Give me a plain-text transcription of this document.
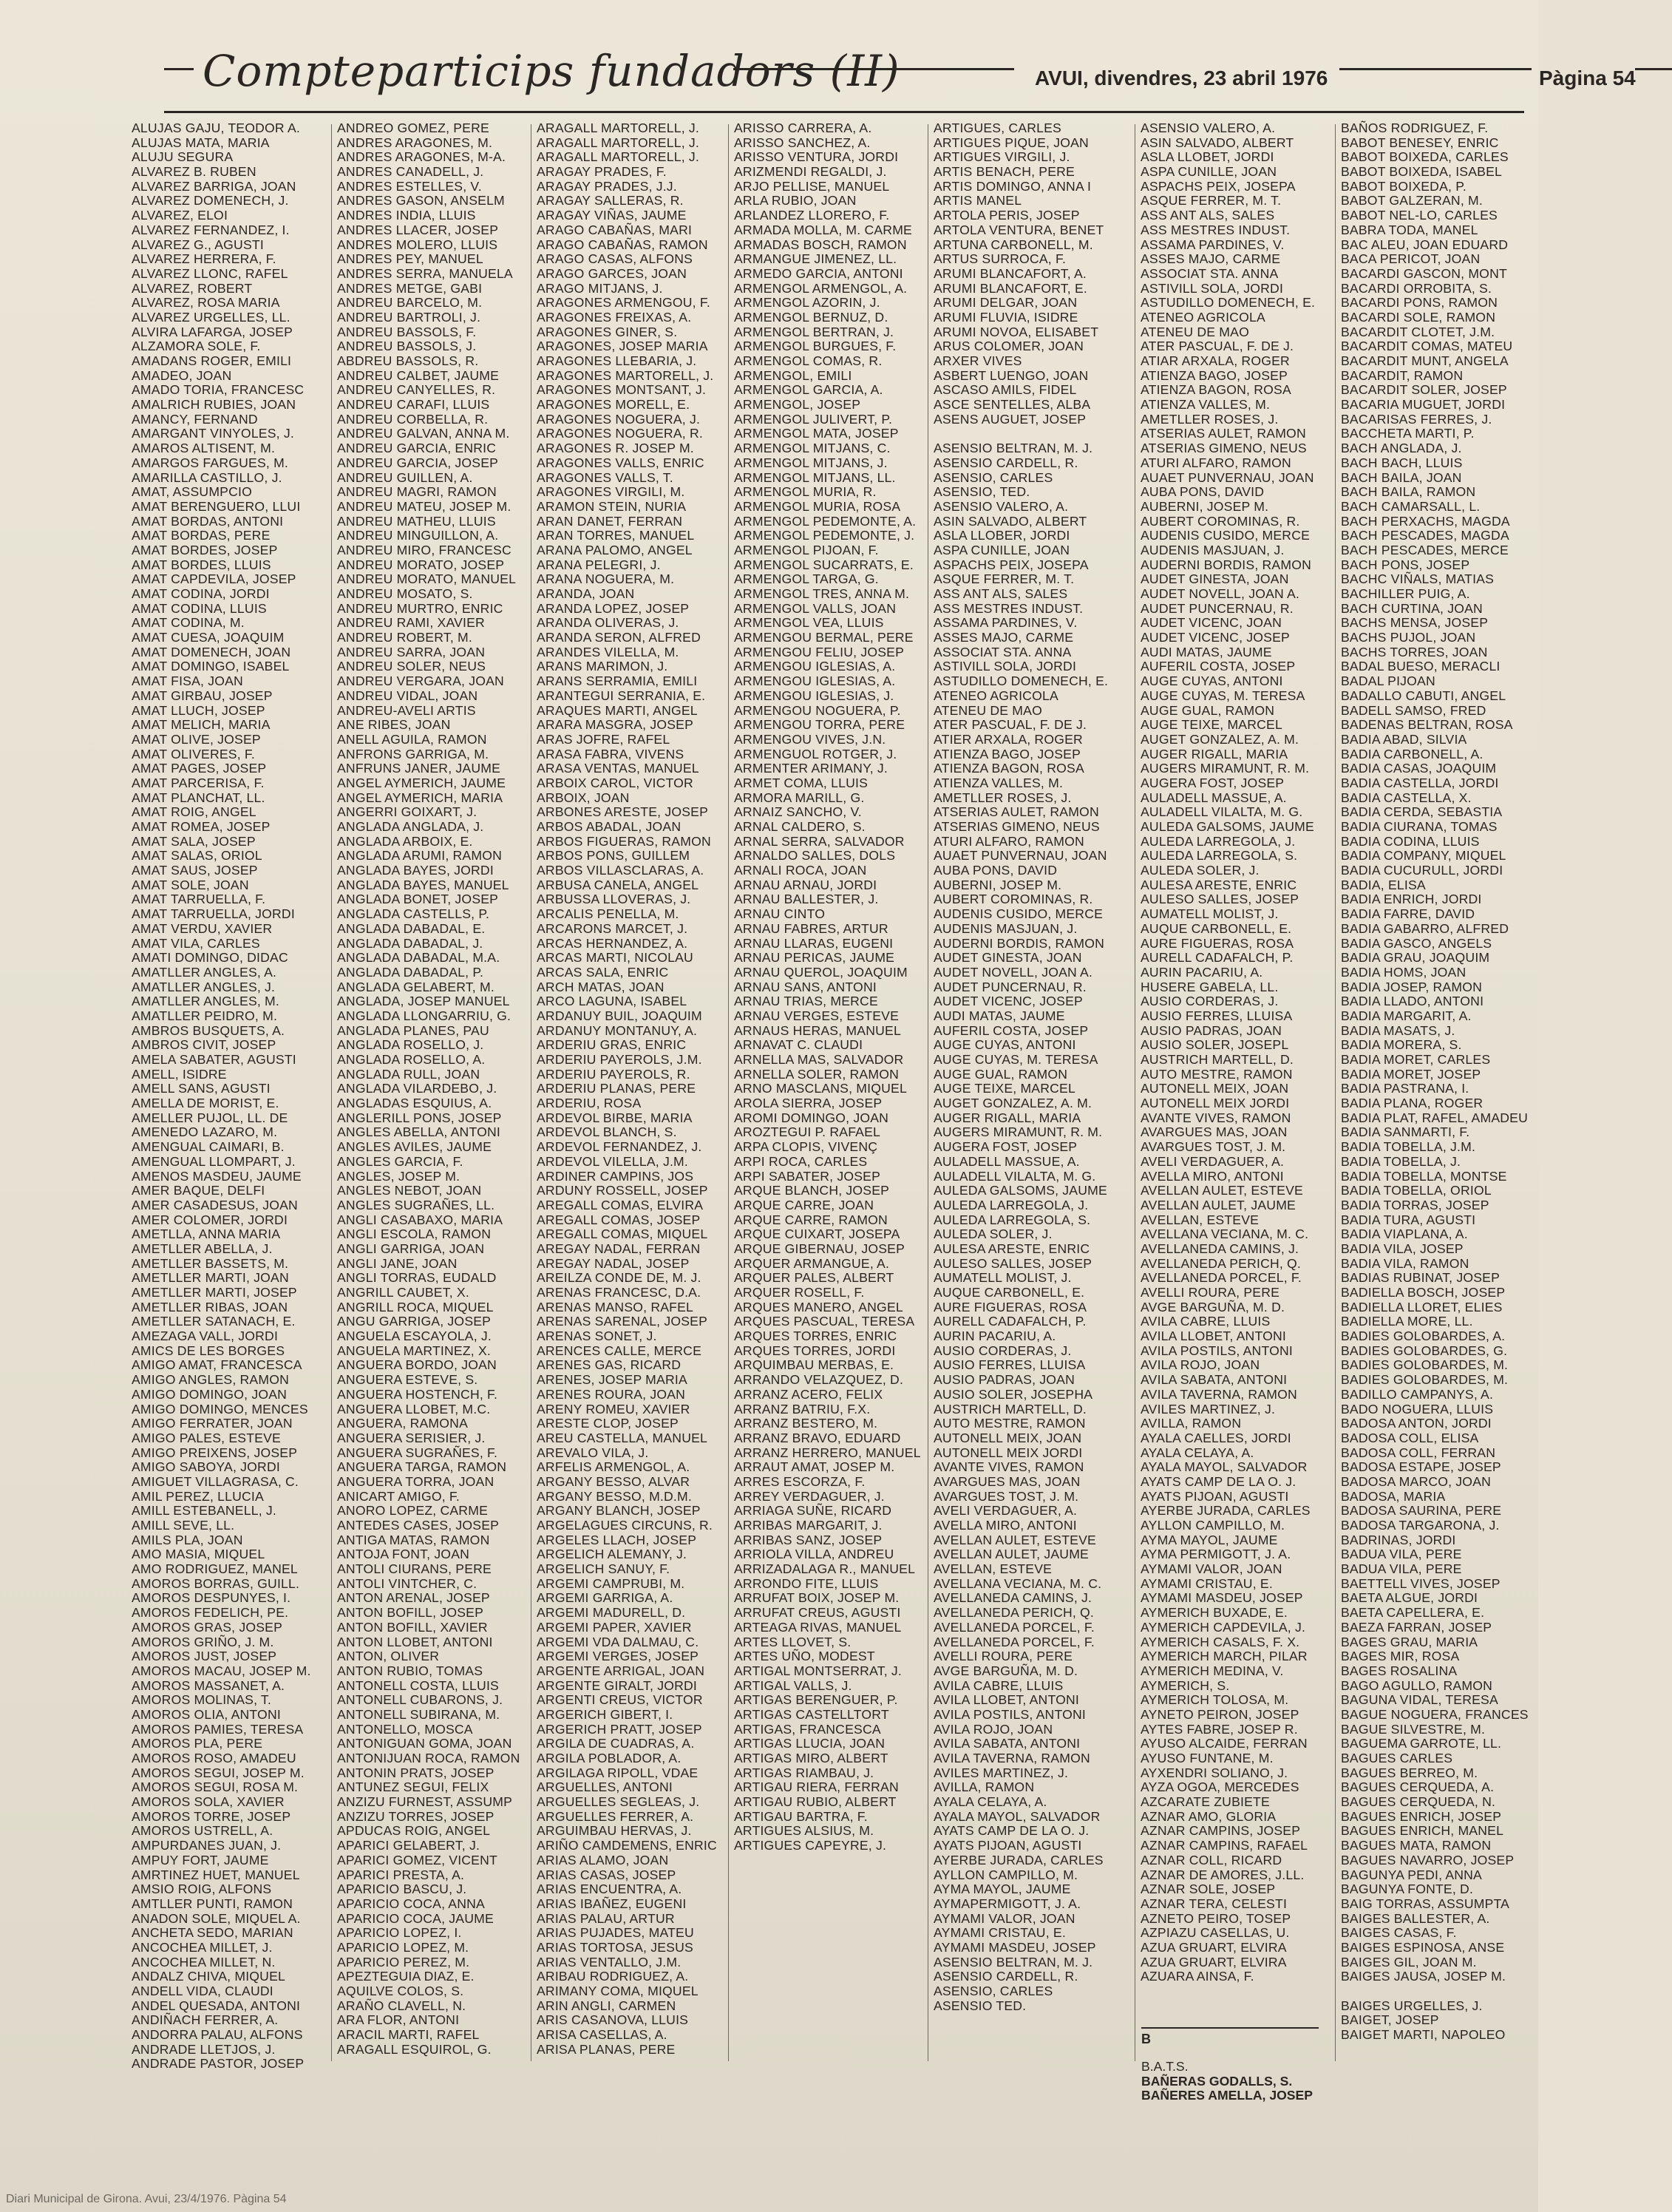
Compteparticips fundadors (II)	AVUI, divendres, 23 abril 1976	Pàgina 54
ALUJAS GAJU, TEODOR A.
ALUJAS MATA, MARIA
ALUJU SEGURA
ALVAREZ B. RUBEN
ALVAREZ BARRIGA, JOAN
ALVAREZ DOMENECH, J.
ALVAREZ, ELOI
ALVAREZ FERNANDEZ, I.
ALVAREZ G., AGUSTI
ALVAREZ HERRERA, F.
ALVAREZ LLONC, RAFEL
ALVAREZ, ROBERT
ALVAREZ, ROSA MARIA
ALVAREZ URGELLES, LL.
ALVIRA LAFARGA, JOSEP
ALZAMORA SOLE, F.
AMADANS ROGER, EMILI
AMADEO, JOAN
AMADO TORIA, FRANCESC
AMALRICH RUBIES, JOAN
AMANCY, FERNAND
AMARGANT VINYOLES, J.
AMAROS ALTISENT, M.
AMARGOS FARGUES, M.
AMARILLA CASTILLO, J.
AMAT, ASSUMPCIO
AMAT BERENGUERO, LLUI
AMAT BORDAS, ANTONI
AMAT BORDAS, PERE
AMAT BORDES, JOSEP
AMAT BORDES, LLUIS
AMAT CAPDEVILA, JOSEP
AMAT CODINA, JORDI
AMAT CODINA, LLUIS
AMAT CODINA, M.
AMAT CUESA, JOAQUIM
AMAT DOMENECH, JOAN
AMAT DOMINGO, ISABEL
AMAT FISA, JOAN
AMAT GIRBAU, JOSEP
AMAT LLUCH, JOSEP
AMAT MELICH, MARIA
AMAT OLIVE, JOSEP
AMAT OLIVERES, F.
AMAT PAGES, JOSEP
AMAT PARCERISA, F.
AMAT PLANCHAT, LL.
AMAT ROIG, ANGEL
AMAT ROMEA, JOSEP
AMAT SALA, JOSEP
AMAT SALAS, ORIOL
AMAT SAUS, JOSEP
AMAT SOLE, JOAN
AMAT TARRUELLA, F.
AMAT TARRUELLA, JORDI
AMAT VERDU, XAVIER
AMAT VILA, CARLES
AMATI DOMINGO, DIDAC
AMATLLER ANGLES, A.
AMATLLER ANGLES, J.
AMATLLER ANGLES, M.
AMATLLER PEIDRO, M.
AMBROS BUSQUETS, A.
AMBROS CIVIT, JOSEP
AMELA SABATER, AGUSTI
AMELL, ISIDRE
AMELL SANS, AGUSTI
AMELLA DE MORIST, E.
AMELLER PUJOL, LL. DE
AMENEDO LAZARO, M.
AMENGUAL CAIMARI, B.
AMENGUAL LLOMPART, J.
AMENOS MASDEU, JAUME
AMER BAQUE, DELFI
AMER CASADESUS, JOAN
AMER COLOMER, JORDI
AMETLLA, ANNA MARIA
AMETLLER ABELLA, J.
AMETLLER BASSETS, M.
AMETLLER MARTI, JOAN
AMETLLER MARTI, JOSEP
AMETLLER RIBAS, JOAN
AMETLLER SATANACH, E.
AMEZAGA VALL, JORDI
AMICS DE LES BORGES
AMIGO AMAT, FRANCESCA
AMIGO ANGLES, RAMON
AMIGO DOMINGO, JOAN
AMIGO DOMINGO, MENCES
AMIGO FERRATER, JOAN
AMIGO PALES, ESTEVE
AMIGO PREIXENS, JOSEP
AMIGO SABOYA, JORDI
AMIGUET VILLAGRASA, C.
AMIL PEREZ, LLUCIA
AMILL ESTEBANELL, J.
AMILL SEVE, LL.
AMILS PLA, JOAN
AMO MASIA, MIQUEL
AMO RODRIGUEZ, MANEL
AMOROS BORRAS, GUILL.
AMOROS DESPUNYES, I.
AMOROS FEDELICH, PE.
AMOROS GRAS, JOSEP
AMOROS GRIÑO, J. M.
AMOROS JUST, JOSEP
AMOROS MACAU, JOSEP M.
AMOROS MASSANET, A.
AMOROS MOLINAS, T.
AMOROS OLIA, ANTONI
AMOROS PAMIES, TERESA
AMOROS PLA, PERE
AMOROS ROSO, AMADEU
AMOROS SEGUI, JOSEP M.
AMOROS SEGUI, ROSA M.
AMOROS SOLA, XAVIER
AMOROS TORRE, JOSEP
AMOROS USTRELL, A.
AMPURDANES JUAN, J.
AMPUY FORT, JAUME
AMRTINEZ HUET, MANUEL
AMSIO ROIG, ALFONS
AMTLLER PUNTI, RAMON
ANADON SOLE, MIQUEL A.
ANCHETA SEDO, MARIAN
ANCOCHEA MILLET, J.
ANCOCHEA MILLET, N.
ANDALZ CHIVA, MIQUEL
ANDELL VIDA, CLAUDI
ANDEL QUESADA, ANTONI
ANDIÑACH FERRER, A.
ANDORRA PALAU, ALFONS
ANDRADE LLETJOS, J.
ANDRADE PASTOR, JOSEP
ANDREO GOMEZ, PERE
ANDRES ARAGONES, M.
ANDRES ARAGONES, M-A.
ANDRES CANADELL, J.
ANDRES ESTELLES, V.
ANDRES GASON, ANSELM
ANDRES INDIA, LLUIS
ANDRES LLACER, JOSEP
ANDRES MOLERO, LLUIS
ANDRES PEY, MANUEL
ANDRES SERRA, MANUELA
ANDRES METGE, GABI
ANDREU BARCELO, M.
ANDREU BARTROLI, J.
ANDREU BASSOLS, F.
ANDREU BASSOLS, J.
ABDREU BASSOLS, R.
ANDREU CALBET, JAUME
ANDREU CANYELLES, R.
ANDREU CARAFI, LLUIS
ANDREU CORBELLA, R.
ANDREU GALVAN, ANNA M.
ANDREU GARCIA, ENRIC
ANDREU GARCIA, JOSEP
ANDREU GUILLEN, A.
ANDREU MAGRI, RAMON
ANDREU MATEU, JOSEP M.
ANDREU MATHEU, LLUIS
ANDREU MINGUILLON, A.
ANDREU MIRO, FRANCESC
ANDREU MORATO, JOSEP
ANDREU MORATO, MANUEL
ANDREU MOSATO, S.
ANDREU MURTRO, ENRIC
ANDREU RAMI, XAVIER
ANDREU ROBERT, M.
ANDREU SARRA, JOAN
ANDREU SOLER, NEUS
ANDREU VERGARA, JOAN
ANDREU VIDAL, JOAN
ANDREU-AVELI ARTIS
ANE RIBES, JOAN
ANELL AGUILA, RAMON
ANFRONS GARRIGA, M.
ANFRUNS JANER, JAUME
ANGEL AYMERICH, JAUME
ANGEL AYMERICH, MARIA
ANGERRI GOIXART, J.
ANGLADA ANGLADA, J.
ANGLADA ARBOIX, E.
ANGLADA ARUMI, RAMON
ANGLADA BAYES, JORDI
ANGLADA BAYES, MANUEL
ANGLADA BONET, JOSEP
ANGLADA CASTELLS, P.
ANGLADA DABADAL, E.
ANGLADA DABADAL, J.
ANGLADA DABADAL, M.A.
ANGLADA DABADAL, P.
ANGLADA GELABERT, M.
ANGLADA, JOSEP MANUEL
ANGLADA LLONGARRIU, G.
ANGLADA PLANES, PAU
ANGLADA ROSELLO, J.
ANGLADA ROSELLO, A.
ANGLADA RULL, JOAN
ANGLADA VILARDEBO, J.
ANGLADAS ESQUIUS, A.
ANGLERILL PONS, JOSEP
ANGLES ABELLA, ANTONI
ANGLES AVILES, JAUME
ANGLES GARCIA, F.
ANGLES, JOSEP M.
ANGLES NEBOT, JOAN
ANGLES SUGRAÑES, LL.
ANGLI CASABAXO, MARIA
ANGLI ESCOLA, RAMON
ANGLI GARRIGA, JOAN
ANGLI JANE, JOAN
ANGLI TORRAS, EUDALD
ANGRILL CAUBET, X.
ANGRILL ROCA, MIQUEL
ANGU GARRIGA, JOSEP
ANGUELA ESCAYOLA, J.
ANGUELA MARTINEZ, X.
ANGUERA BORDO, JOAN
ANGUERA ESTEVE, S.
ANGUERA HOSTENCH, F.
ANGUERA LLOBET, M.C.
ANGUERA, RAMONA
ANGUERA SERISIER, J.
ANGUERA SUGRAÑES, F.
ANGUERA TARGA, RAMON
ANGUERA TORRA, JOAN
ANICART AMIGO, F.
ANORO LOPEZ, CARME
ANTEDES CASES, JOSEP
ANTIGA MATAS, RAMON
ANTOJA FONT, JOAN
ANTOLI CIURANS, PERE
ANTOLI VINTCHER, C.
ANTON ARENAL, JOSEP
ANTON BOFILL, JOSEP
ANTON BOFILL, XAVIER
ANTON LLOBET, ANTONI
ANTON, OLIVER
ANTON RUBIO, TOMAS
ANTONELL COSTA, LLUIS
ANTONELL CUBARONS, J.
ANTONELL SUBIRANA, M.
ANTONELLO, MOSCA
ANTONIGUAN GOMA, JOAN
ANTONIJUAN ROCA, RAMON
ANTONIN PRATS, JOSEP
ANTUNEZ SEGUI, FELIX
ANZIZU FURNEST, ASSUMP
ANZIZU TORRES, JOSEP
APDUCAS ROIG, ANGEL
APARICI GELABERT, J.
APARICI GOMEZ, VICENT
APARICI PRESTA, A.
APARICIO BASCU, J.
APARICIO COCA, ANNA
APARICIO COCA, JAUME
APARICIO LOPEZ, I.
APARICIO LOPEZ, M.
APARICIO PEREZ, M.
APEZTEGUIA DIAZ, E.
AQUILVE COLOS, S.
ARAÑO CLAVELL, N.
ARA FLOR, ANTONI
ARACIL MARTI, RAFEL
ARAGALL ESQUIROL, G.
ARAGALL MARTORELL, J.
ARAGALL MARTORELL, J.
ARAGALL MARTORELL, J.
ARAGAY PRADES, F.
ARAGAY PRADES, J.J.
ARAGAY SALLERAS, R.
ARAGAY VIÑAS, JAUME
ARAGO CABAÑAS, MARI
ARAGO CABAÑAS, RAMON
ARAGO CASAS, ALFONS
ARAGO GARCES, JOAN
ARAGO MITJANS, J.
ARAGONES ARMENGOU, F.
ARAGONES FREIXAS, A.
ARAGONES GINER, S.
ARAGONES, JOSEP MARIA
ARAGONES LLEBARIA, J.
ARAGONES MARTORELL, J.
ARAGONES MONTSANT, J.
ARAGONES MORELL, E.
ARAGONES NOGUERA, J.
ARAGONES NOGUERA, R.
ARAGONES R. JOSEP M.
ARAGONES VALLS, ENRIC
ARAGONES VALLS, T.
ARAGONES VIRGILI, M.
ARAMON STEIN, NURIA
ARAN DANET, FERRAN
ARAN TORRES, MANUEL
ARANA PALOMO, ANGEL
ARANA PELEGRI, J.
ARANA NOGUERA, M.
ARANDA, JOAN
ARANDA LOPEZ, JOSEP
ARANDA OLIVERAS, J.
ARANDA SERON, ALFRED
ARANDES VILELLA, M.
ARANS MARIMON, J.
ARANS SERRAMIA, EMILI
ARANTEGUI SERRANIA, E.
ARAQUES MARTI, ANGEL
ARARA MASGRA, JOSEP
ARAS JOFRE, RAFEL
ARASA FABRA, VIVENS
ARASA VENTAS, MANUEL
ARBOIX CAROL, VICTOR
ARBOIX, JOAN
ARBONES ARESTE, JOSEP
ARBOS ABADAL, JOAN
ARBOS FIGUERAS, RAMON
ARBOS PONS, GUILLEM
ARBOS VILLASCLARAS, A.
ARBUSA CANELA, ANGEL
ARBUSSA LLOVERAS, J.
ARCALIS PENELLA, M.
ARCARONS MARCET, J.
ARCAS HERNANDEZ, A.
ARCAS MARTI, NICOLAU
ARCAS SALA, ENRIC
ARCH MATAS, JOAN
ARCO LAGUNA, ISABEL
ARDANUY BUIL, JOAQUIM
ARDANUY MONTANUY, A.
ARDERIU GRAS, ENRIC
ARDERIU PAYEROLS, J.M.
ARDERIU PAYEROLS, R.
ARDERIU PLANAS, PERE
ARDERIU, ROSA
ARDEVOL BIRBE, MARIA
ARDEVOL BLANCH, S.
ARDEVOL FERNANDEZ, J.
ARDEVOL VILELLA, J.M.
ARDINER CAMPINS, JOS
ARDUNY ROSSELL, JOSEP
AREGALL COMAS, ELVIRA
AREGALL COMAS, JOSEP
AREGALL COMAS, MIQUEL
AREGAY NADAL, FERRAN
AREGAY NADAL, JOSEP
AREILZA CONDE DE, M. J.
ARENAS FRANCESC, D.A.
ARENAS MANSO, RAFEL
ARENAS SARENAL, JOSEP
ARENAS SONET, J.
ARENCES CALLE, MERCE
ARENES GAS, RICARD
ARENES, JOSEP MARIA
ARENES ROURA, JOAN
ARENY ROMEU, XAVIER
ARESTE CLOP, JOSEP
AREU CASTELLA, MANUEL
AREVALO VILA, J.
ARFELIS ARMENGOL, A.
ARGANY BESSO, ALVAR
ARGANY BESSO, M.D.M.
ARGANY BLANCH, JOSEP
ARGELAGUES CIRCUNS, R.
ARGELES LLACH, JOSEP
ARGELICH ALEMANY, J.
ARGELICH SANUY, F.
ARGEMI CAMPRUBI, M.
ARGEMI GARRIGA, A.
ARGEMI MADURELL, D.
ARGEMI PAPER, XAVIER
ARGEMI VDA DALMAU, C.
ARGEMI VERGES, JOSEP
ARGENTE ARRIGAL, JOAN
ARGENTE GIRALT, JORDI
ARGENTI CREUS, VICTOR
ARGERICH GIBERT, I.
ARGERICH PRATT, JOSEP
ARGILA DE CUADRAS, A.
ARGILA POBLADOR, A.
ARGILAGA RIPOLL, VDAE
ARGUELLES, ANTONI
ARGUELLES SEGLEAS, J.
ARGUELLES FERRER, A.
ARGUIMBAU HERVAS, J.
ARIÑO CAMDEMENS, ENRIC
ARIAS ALAMO, JOAN
ARIAS CASAS, JOSEP
ARIAS ENCUENTRA, A.
ARIAS IBAÑEZ, EUGENI
ARIAS PALAU, ARTUR
ARIAS PUJADES, MATEU
ARIAS TORTOSA, JESUS
ARIAS VENTALLO, J.M.
ARIBAU RODRIGUEZ, A.
ARIMANY COMA, MIQUEL
ARIN ANGLI, CARMEN
ARIS CASANOVA, LLUIS
ARISA CASELLAS, A.
ARISA PLANAS, PERE
ARISSO CARRERA, A.
ARISSO SANCHEZ, A.
ARISSO VENTURA, JORDI
ARIZMENDI REGALDI, J.
ARJO PELLISE, MANUEL
ARLA RUBIO, JOAN
ARLANDEZ LLORERO, F.
ARMADA MOLLA, M. CARME
ARMADAS BOSCH, RAMON
ARMANGUE JIMENEZ, LL.
ARMEDO GARCIA, ANTONI
ARMENGOL ARMENGOL, A.
ARMENGOL AZORIN, J.
ARMENGOL BERNUZ, D.
ARMENGOL BERTRAN, J.
ARMENGOL BURGUES, F.
ARMENGOL COMAS, R.
ARMENGOL, EMILI
ARMENGOL GARCIA, A.
ARMENGOL, JOSEP
ARMENGOL JULIVERT, P.
ARMENGOL MATA, JOSEP
ARMENGOL MITJANS, C.
ARMENGOL MITJANS, J.
ARMENGOL MITJANS, LL.
ARMENGOL MURIA, R.
ARMENGOL MURIA, ROSA
ARMENGOL PEDEMONTE, A.
ARMENGOL PEDEMONTE, J.
ARMENGOL PIJOAN, F.
ARMENGOL SUCARRATS, E.
ARMENGOL TARGA, G.
ARMENGOL TRES, ANNA M.
ARMENGOL VALLS, JOAN
ARMENGOL VEA, LLUIS
ARMENGOU BERMAL, PERE
ARMENGOU FELIU, JOSEP
ARMENGOU IGLESIAS, A.
ARMENGOU IGLESIAS, A.
ARMENGOU IGLESIAS, J.
ARMENGOU NOGUERA, P.
ARMENGOU TORRA, PERE
ARMENGOU VIVES, J.N.
ARMENGUOL ROTGER, J.
ARMENTER ARIMANY, J.
ARMET COMA, LLUIS
ARMORA MARILL, G.
ARNAIZ SANCHO, V.
ARNAL CALDERO, S.
ARNAL SERRA, SALVADOR
ARNALDO SALLES, DOLS
ARNALI ROCA, JOAN
ARNAU ARNAU, JORDI
ARNAU BALLESTER, J.
ARNAU CINTO
ARNAU FABRES, ARTUR
ARNAU LLARAS, EUGENI
ARNAU PERICAS, JAUME
ARNAU QUEROL, JOAQUIM
ARNAU SANS, ANTONI
ARNAU TRIAS, MERCE
ARNAU VERGES, ESTEVE
ARNAUS HERAS, MANUEL
ARNAVAT C. CLAUDI
ARNELLA MAS, SALVADOR
ARNELLA SOLER, RAMON
ARNO MASCLANS, MIQUEL
AROLA SIERRA, JOSEP
AROMI DOMINGO, JOAN
AROZTEGUI P. RAFAEL
ARPA CLOPIS, VIVENÇ
ARPI ROCA, CARLES
ARPI SABATER, JOSEP
ARQUE BLANCH, JOSEP
ARQUE CARRE, JOAN
ARQUE CARRE, RAMON
ARQUE CUIXART, JOSEPA
ARQUE GIBERNAU, JOSEP
ARQUER ARMANGUE, A.
ARQUER PALES, ALBERT
ARQUER ROSELL, F.
ARQUES MANERO, ANGEL
ARQUES PASCUAL, TERESA
ARQUES TORRES, ENRIC
ARQUES TORRES, JORDI
ARQUIMBAU MERBAS, E.
ARRANDO VELAZQUEZ, D.
ARRANZ ACERO, FELIX
ARRANZ BATRIU, F.X.
ARRANZ BESTERO, M.
ARRANZ BRAVO, EDUARD
ARRANZ HERRERO, MANUEL
ARRAUT AMAT, JOSEP M.
ARRES ESCORZA, F.
ARREY VERDAGUER, J.
ARRIAGA SUÑE, RICARD
ARRIBAS MARGARIT, J.
ARRIBAS SANZ, JOSEP
ARRIOLA VILLA, ANDREU
ARRIZADALAGA R., MANUEL
ARRONDO FITE, LLUIS
ARRUFAT BOIX, JOSEP M.
ARRUFAT CREUS, AGUSTI
ARTEAGA RIVAS, MANUEL
ARTES LLOVET, S.
ARTES UÑO, MODEST
ARTIGAL MONTSERRAT, J.
ARTIGAL VALLS, J.
ARTIGAS BERENGUER, P.
ARTIGAS CASTELLTORT
ARTIGAS, FRANCESCA
ARTIGAS LLUCIA, JOAN
ARTIGAS MIRO, ALBERT
ARTIGAS RIAMBAU, J.
ARTIGAU RIERA, FERRAN
ARTIGAU RUBIO, ALBERT
ARTIGAU BARTRA, F.
ARTIGUES ALSIUS, M.
ARTIGUES CAPEYRE, J.
ARTIGUES, CARLES
ARTIGUES PIQUE, JOAN
ARTIGUES VIRGILI, J.
ARTIS BENACH, PERE
ARTIS DOMINGO, ANNA I
ARTIS MANEL
ARTOLA PERIS, JOSEP
ARTOLA VENTURA, BENET
ARTUNA CARBONELL, M.
ARTUS SURROCA, F.
ARUMI BLANCAFORT, A.
ARUMI BLANCAFORT, E.
ARUMI DELGAR, JOAN
ARUMI FLUVIA, ISIDRE
ARUMI NOVOA, ELISABET
ARUS COLOMER, JOAN
ARXER VIVES
ASBERT LUENGO, JOAN
ASCASO AMILS, FIDEL
ASCE SENTELLES, ALBA
ASENS AUGUET, JOSEP
ASENSIO BELTRAN, M. J.
ASENSIO CARDELL, R.
ASENSIO, CARLES
ASENSIO, TED.
ASENSIO VALERO, A.
ASIN SALVADO, ALBERT
ASLA LLOBER, JORDI
ASPA CUNILLE, JOAN
ASPACHS PEIX, JOSEPA
ASQUE FERRER, M. T.
ASS ANT ALS, SALES
ASS MESTRES INDUST.
ASSAMA PARDINES, V.
ASSES MAJO, CARME
ASSOCIAT STA. ANNA
ASTIVILL SOLA, JORDI
ASTUDILLO DOMENECH, E.
ATENEO AGRICOLA
ATENEU DE MAO
ATER PASCUAL, F. DE J.
ATIER ARXALA, ROGER
ATIENZA BAGO, JOSEP
ATIENZA BAGON, ROSA
ATIENZA VALLES, M.
AMETLLER ROSES, J.
ATSERIAS AULET, RAMON
ATSERIAS GIMENO, NEUS
ATURI ALFARO, RAMON
AUAET PUNVERNAU, JOAN
AUBA PONS, DAVID
AUBERNI, JOSEP M.
AUBERT COROMINAS, R.
AUDENIS CUSIDO, MERCE
AUDENIS MASJUAN, J.
AUDERNI BORDIS, RAMON
AUDET GINESTA, JOAN
AUDET NOVELL, JOAN A.
AUDET PUNCERNAU, R.
AUDET VICENC, JOSEP
AUDI MATAS, JAUME
AUFERIL COSTA, JOSEP
AUGE CUYAS, ANTONI
AUGE CUYAS, M. TERESA
AUGE GUAL, RAMON
AUGE TEIXE, MARCEL
AUGET GONZALEZ, A. M.
AUGER RIGALL, MARIA
AUGERS MIRAMUNT, R. M.
AUGERA FOST, JOSEP
AULADELL MASSUE, A.
AULADELL VILALTA, M. G.
AULEDA GALSOMS, JAUME
AULEDA LARREGOLA, J.
AULEDA LARREGOLA, S.
AULEDA SOLER, J.
AULESA ARESTE, ENRIC
AULESO SALLES, JOSEP
AUMATELL MOLIST, J.
AUQUE CARBONELL, E.
AURE FIGUERAS, ROSA
AURELL CADAFALCH, P.
AURIN PACARIU, A.
AUSIO CORDERAS, J.
AUSIO FERRES, LLUISA
AUSIO PADRAS, JOAN
AUSIO SOLER, JOSEPHA
AUSTRICH MARTELL, D.
AUTO MESTRE, RAMON
AUTONELL MEIX, JOAN
AUTONELL MEIX JORDI
AVANTE VIVES, RAMON
AVARGUES MAS, JOAN
AVARGUES TOST, J. M.
AVELI VERDAGUER, A.
AVELLA MIRO, ANTONI
AVELLAN AULET, ESTEVE
AVELLAN AULET, JAUME
AVELLAN, ESTEVE
AVELLANA VECIANA, M. C.
AVELLANEDA CAMINS, J.
AVELLANEDA PERICH, Q.
AVELLANEDA PORCEL, F.
AVELLANEDA PORCEL, F.
AVELLI ROURA, PERE
AVGE BARGUÑA, M. D.
AVILA CABRE, LLUIS
AVILA LLOBET, ANTONI
AVILA POSTILS, ANTONI
AVILA ROJO, JOAN
AVILA SABATA, ANTONI
AVILA TAVERNA, RAMON
AVILES MARTINEZ, J.
AVILLA, RAMON
AYALA CELAYA, A.
AYALA MAYOL, SALVADOR
AYATS CAMP DE LA O. J.
AYATS PIJOAN, AGUSTI
AYERBE JURADA, CARLES
AYLLON CAMPILLO, M.
AYMA MAYOL, JAUME
AYMAPERMIGOTT, J. A.
AYMAMI VALOR, JOAN
AYMAMI CRISTAU, E.
AYMAMI MASDEU, JOSEP
ASENSIO BELTRAN, M. J.
ASENSIO CARDELL, R.
ASENSIO, CARLES
ASENSIO TED.
ASENSIO VALERO, A.
ASIN SALVADO, ALBERT
ASLA LLOBET, JORDI
ASPA CUNILLE, JOAN
ASPACHS PEIX, JOSEPA
ASQUE FERRER, M. T.
ASS ANT ALS, SALES
ASS MESTRES INDUST.
ASSAMA PARDINES, V.
ASSES MAJO, CARME
ASSOCIAT STA. ANNA
ASTIVILL SOLA, JORDI
ASTUDILLO DOMENECH, E.
ATENEO AGRICOLA
ATENEU DE MAO
ATER PASCUAL, F. DE J.
ATIAR ARXALA, ROGER
ATIENZA BAGO, JOSEP
ATIENZA BAGON, ROSA
ATIENZA VALLES, M.
AMETLLER ROSES, J.
ATSERIAS AULET, RAMON
ATSERIAS GIMENO, NEUS
ATURI ALFARO, RAMON
AUAET PUNVERNAU, JOAN
AUBA PONS, DAVID
AUBERNI, JOSEP M.
AUBERT COROMINAS, R.
AUDENIS CUSIDO, MERCE
AUDENIS MASJUAN, J.
AUDERNI BORDIS, RAMON
AUDET GINESTA, JOAN
AUDET NOVELL, JOAN A.
AUDET PUNCERNAU, R.
AUDET VICENC, JOAN
AUDET VICENC, JOSEP
AUDI MATAS, JAUME
AUFERIL COSTA, JOSEP
AUGE CUYAS, ANTONI
AUGE CUYAS, M. TERESA
AUGE GUAL, RAMON
AUGE TEIXE, MARCEL
AUGET GONZALEZ, A. M.
AUGER RIGALL, MARIA
AUGERS MIRAMUNT, R. M.
AUGERA FOST, JOSEP
AULADELL MASSUE, A.
AULADELL VILALTA, M. G.
AULEDA GALSOMS, JAUME
AULEDA LARREGOLA, J.
AULEDA LARREGOLA, S.
AULEDA SOLER, J.
AULESA ARESTE, ENRIC
AULESO SALLES, JOSEP
AUMATELL MOLIST, J.
AUQUE CARBONELL, E.
AURE FIGUERAS, ROSA
AURELL CADAFALCH, P.
AURIN PACARIU, A.
HUSERE GABELA, LL.
AUSIO CORDERAS, J.
AUSIO FERRES, LLUISA
AUSIO PADRAS, JOAN
AUSIO SOLER, JOSEPL
AUSTRICH MARTELL, D.
AUTO MESTRE, RAMON
AUTONELL MEIX, JOAN
AUTONELL MEIX JORDI
AVANTE VIVES, RAMON
AVARGUES MAS, JOAN
AVARGUES TOST, J. M.
AVELI VERDAGUER, A.
AVELLA MIRO, ANTONI
AVELLAN AULET, ESTEVE
AVELLAN AULET, JAUME
AVELLAN, ESTEVE
AVELLANA VECIANA, M. C.
AVELLANEDA CAMINS, J.
AVELLANEDA PERICH, Q.
AVELLANEDA PORCEL, F.
AVELLI ROURA, PERE
AVGE BARGUÑA, M. D.
AVILA CABRE, LLUIS
AVILA LLOBET, ANTONI
AVILA POSTILS, ANTONI
AVILA ROJO, JOAN
AVILA SABATA, ANTONI
AVILA TAVERNA, RAMON
AVILES MARTINEZ, J.
AVILLA, RAMON
AYALA CAELLES, JORDI
AYALA CELAYA, A.
AYALA MAYOL, SALVADOR
AYATS CAMP DE LA O. J.
AYATS PIJOAN, AGUSTI
AYERBE JURADA, CARLES
AYLLON CAMPILLO, M.
AYMA MAYOL, JAUME
AYMA PERMIGOTT, J. A.
AYMAMI VALOR, JOAN
AYMAMI CRISTAU, E.
AYMAMI MASDEU, JOSEP
AYMERICH BUXADE, E.
AYMERICH CAPDEVILA, J.
AYMERICH CASALS, F. X.
AYMERICH MARCH, PILAR
AYMERICH MEDINA, V.
AYMERICH, S.
AYMERICH TOLOSA, M.
AYNETO PEIRON, JOSEP
AYTES FABRE, JOSEP R.
AYUSO ALCAIDE, FERRAN
AYUSO FUNTANE, M.
AYXENDRI SOLIANO, J.
AYZA OGOA, MERCEDES
AZCARATE ZUBIETE
AZNAR AMO, GLORIA
AZNAR CAMPINS, JOSEP
AZNAR CAMPINS, RAFAEL
AZNAR COLL, RICARD
AZNAR DE AMORES, J.LL.
AZNAR SOLE, JOSEP
AZNAR TERA, CELESTI
AZNETO PEIRO, TOSEP
AZPIAZU CASELLAS, U.
AZUA GRUART, ELVIRA
AZUA GRUART, ELVIRA
AZUARA AINSA, F.
BAÑOS RODRIGUEZ, F.
BABOT BENESEY, ENRIC
BABOT BOIXEDA, CARLES
BABOT BOIXEDA, ISABEL
BABOT BOIXEDA, P.
BABOT GALZERAN, M.
BABOT NEL-LO, CARLES
BABRA TODA, MANEL
BAC ALEU, JOAN EDUARD
BACA PERICOT, JOAN
BACARDI GASCON, MONT
BACARDI ORROBITA, S.
BACARDI PONS, RAMON
BACARDI SOLE, RAMON
BACARDIT CLOTET, J.M.
BACARDIT COMAS, MATEU
BACARDIT MUNT, ANGELA
BACARDIT, RAMON
BACARDIT SOLER, JOSEP
BACARIA MUGUET, JORDI
BACARISAS FERRES, J.
BACCHETA MARTI, P.
BACH ANGLADA, J.
BACH BACH, LLUIS
BACH BAILA, JOAN
BACH BAILA, RAMON
BACH CAMARSALL, L.
BACH PERXACHS, MAGDA
BACH PESCADES, MAGDA
BACH PESCADES, MERCE
BACH PONS, JOSEP
BACHC VIÑALS, MATIAS
BACHILLER PUIG, A.
BACH CURTINA, JOAN
BACHS MENSA, JOSEP
BACHS PUJOL, JOAN
BACHS TORRES, JOAN
BADAL BUESO, MERACLI
BADAL PIJOAN
BADALLO CABUTI, ANGEL
BADELL SAMSO, FRED
BADENAS BELTRAN, ROSA
BADIA ABAD, SILVIA
BADIA CARBONELL, A.
BADIA CASAS, JOAQUIM
BADIA CASTELLA, JORDI
BADIA CASTELLA, X.
BADIA CERDA, SEBASTIA
BADIA CIURANA, TOMAS
BADIA CODINA, LLUIS
BADIA COMPANY, MIQUEL
BADIA CUCURULL, JORDI
BADIA, ELISA
BADIA ENRICH, JORDI
BADIA FARRE, DAVID
BADIA GABARRO, ALFRED
BADIA GASCO, ANGELS
BADIA GRAU, JOAQUIM
BADIA HOMS, JOAN
BADIA JOSEP, RAMON
BADIA LLADO, ANTONI
BADIA MARGARIT, A.
BADIA MASATS, J.
BADIA MORERA, S.
BADIA MORET, CARLES
BADIA MORET, JOSEP
BADIA PASTRANA, I.
BADIA PLANA, ROGER
BADIA PLAT, RAFEL, AMADEU
BADIA SANMARTI, F.
BADIA TOBELLA, J.M.
BADIA TOBELLA, J.
BADIA TOBELLA, MONTSE
BADIA TOBELLA, ORIOL
BADIA TORRAS, JOSEP
BADIA TURA, AGUSTI
BADIA VIAPLANA, A.
BADIA VILA, JOSEP
BADIA VILA, RAMON
BADIAS RUBINAT, JOSEP
BADIELLA BOSCH, JOSEP
BADIELLA LLORET, ELIES
BADIELLA MORE, LL.
BADIES GOLOBARDES, A.
BADIES GOLOBARDES, G.
BADIES GOLOBARDES, M.
BADIES GOLOBARDES, M.
BADILLO CAMPANYS, A.
BADO NOGUERA, LLUIS
BADOSA ANTON, JORDI
BADOSA COLL, ELISA
BADOSA COLL, FERRAN
BADOSA ESTAPE, JOSEP
BADOSA MARCO, JOAN
BADOSA, MARIA
BADOSA SAURINA, PERE
BADOSA TARGARONA, J.
BADRINAS, JORDI
BADUA VILA, PERE
BADUA VILA, PERE
BAETTELL VIVES, JOSEP
BAETA ALGUE, JORDI
BAETA CAPELLERA, E.
BAEZA FARRAN, JOSEP
BAGES GRAU, MARIA
BAGES MIR, ROSA
BAGES ROSALINA
BAGO AGULLO, RAMON
BAGUNA VIDAL, TERESA
BAGUE NOGUERA, FRANCES
BAGUE SILVESTRE, M.
BAGUEMA GARROTE, LL.
BAGUES CARLES
BAGUES BERREO, M.
BAGUES CERQUEDA, A.
BAGUES CERQUEDA, N.
BAGUES ENRICH, JOSEP
BAGUES ENRICH, MANEL
BAGUES MATA, RAMON
BAGUES NAVARRO, JOSEP
BAGUNYA PEDI, ANNA
BAGUNYA FONTE, D.
BAIG TORRAS, ASSUMPTA
BAIGES BALLESTER, A.
BAIGES CASAS, F.
BAIGES ESPINOSA, ANSE
BAIGES GIL, JOAN M.
BAIGES JAUSA, JOSEP M.
BAIGES URGELLES, J.
BAIGET, JOSEP
BAIGET MARTI, NAPOLEO
B
B.A.T.S.
BAÑERAS GODALLS, S.
BAÑERES AMELLA, JOSEP
Diari Municipal de Girona. Avui, 23/4/1976. Pàgina 54
